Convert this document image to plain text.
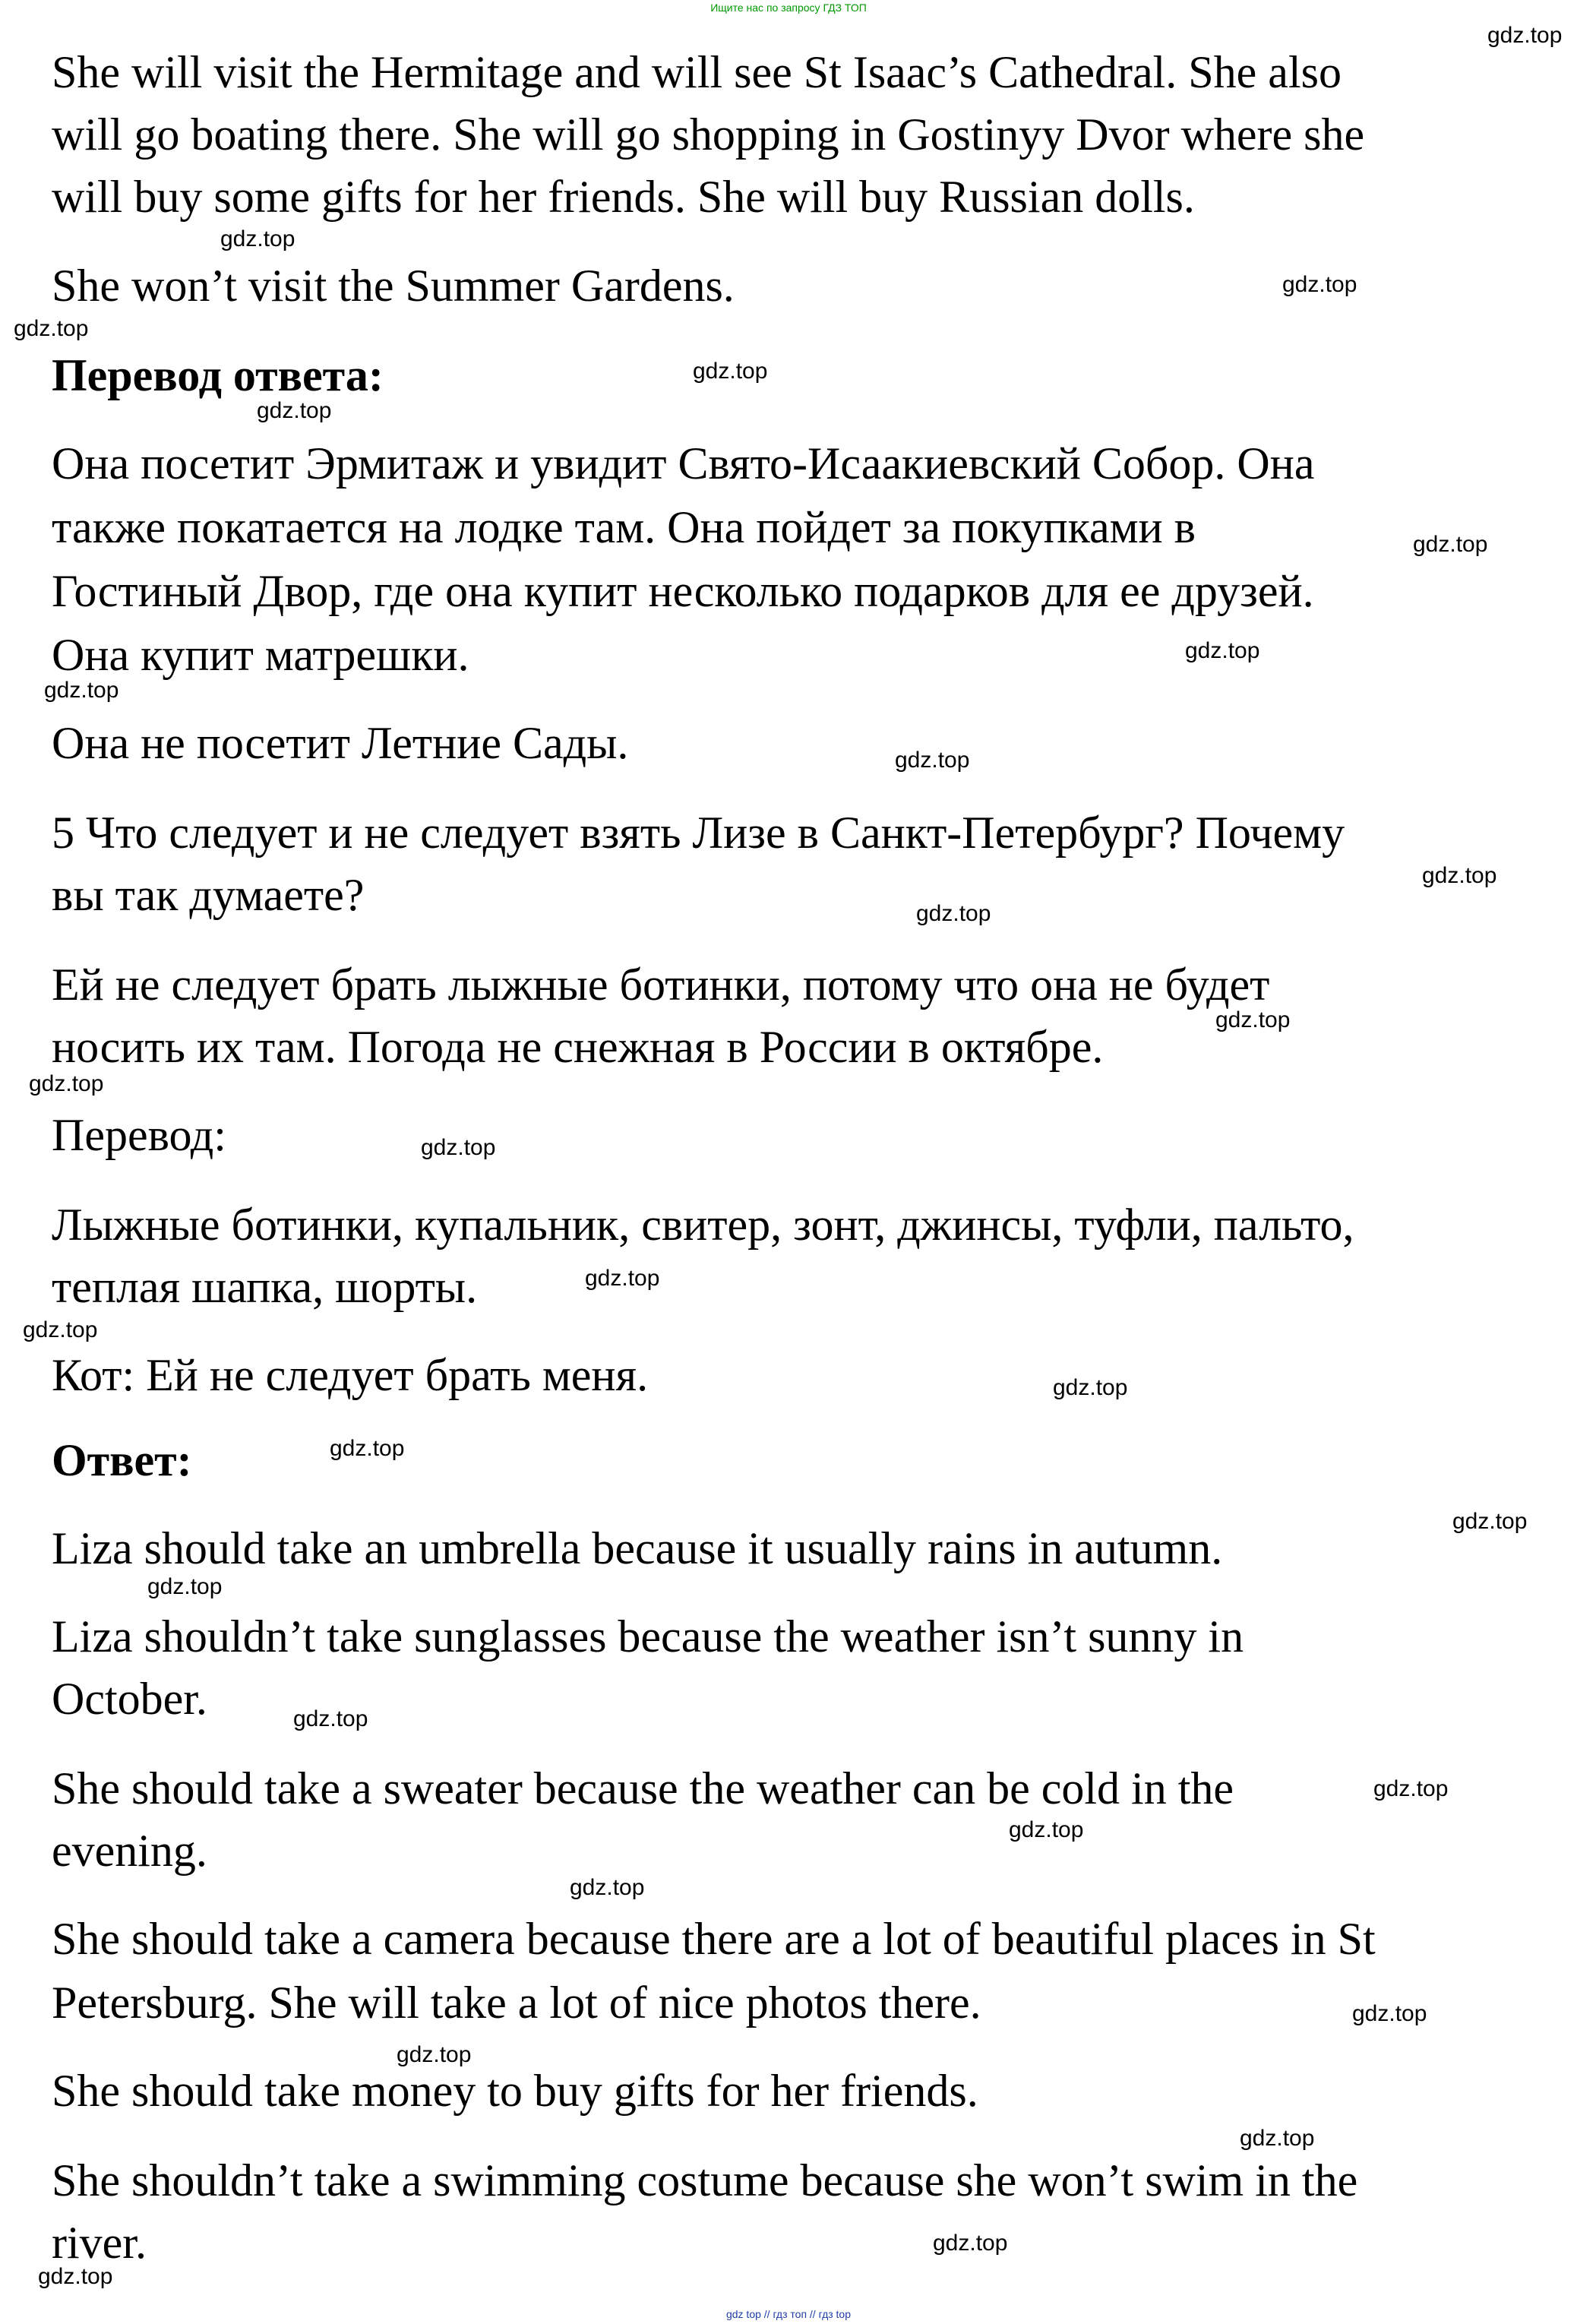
Ищите нас по запросу ГДЗ ТОП

She will visit the Hermitage and will see St Isaac’s Cathedral. She also

will go boating there. She will go shopping in Gostinyy Dvor where she

will buy some gifts for her friends. She will buy Russian dolls.

She won’t visit the Summer Gardens.

Перевод ответа:

Она посетит Эрмитаж и увидит Свято-Исаакиевский Собор. Она

также покатается на лодке там. Она пойдет за покупками в

Гостиный Двор, где она купит несколько подарков для ее друзей.

Она купит матрешки.

Она не посетит Летние Сады.

5 Что следует и не следует взять Лизе в Санкт-Петербург? Почему

вы так думаете?

Ей не следует брать лыжные ботинки, потому что она не будет

носить их там. Погода не снежная в России в октябре.

Перевод:

Лыжные ботинки, купальник, свитер, зонт, джинсы, туфли, пальто,

теплая шапка, шорты.

Кот: Ей не следует брать меня.

Ответ:

Liza should take an umbrella because it usually rains in autumn.

Liza shouldn’t take sunglasses because the weather isn’t sunny in

October.

She should take a sweater because the weather can be cold in the

evening.

She should take a camera because there are a lot of beautiful places in St

Petersburg. She will take a lot of nice photos there.

She should take money to buy gifts for her friends.

She shouldn’t take a swimming costume because she won’t swim in the

river.

gdz.top
gdz.top
gdz.top
gdz.top
gdz.top
gdz.top
gdz.top
gdz.top
gdz.top
gdz.top
gdz.top
gdz.top
gdz.top
gdz.top
gdz.top
gdz.top
gdz.top
gdz.top
gdz.top
gdz.top
gdz.top
gdz.top
gdz.top
gdz.top
gdz.top
gdz.top
gdz.top
gdz.top
gdz.top
gdz.top
gdz top // гдз топ // гдз top
